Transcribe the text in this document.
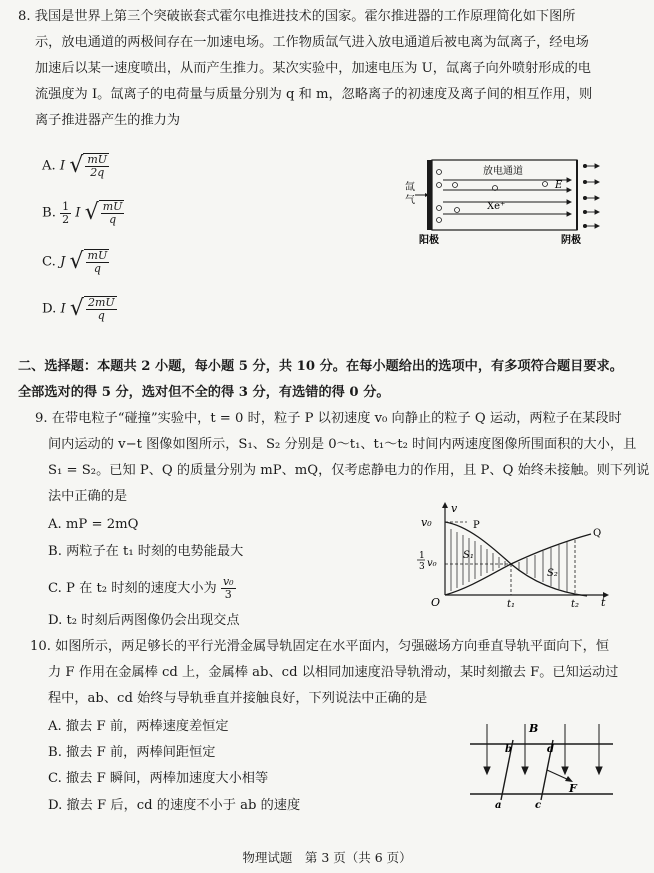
8. 我国是世界上第三个突破嵌套式霍尔电推进技术的国家。霍尔推进器的工作原理简化如下图所
示，放电通道的两极间存在一加速电场。工作物质氙气进入放电通道后被电离为氙离子，经电场
加速后以某一速度喷出，从而产生推力。某次实验中，加速电压为 U，氙离子向外喷射形成的电
流强度为 I。氙离子的电荷量与质量分别为 q 和 m，忽略离子的初速度及离子间的相互作用，则
离子推进器产生的推力为
A. I √ $\frac{mU}{2q}$
B. $\frac{1}{2}$ I √ $\frac{mU}{q}$
C. J √ $\frac{mU}{q}$
D. I √ $\frac{2mU}{q}$
氙
气
放电通道
E
Xe⁺
阳极	阴极
二、选择题：本题共 2 小题，每小题 5 分，共 10 分。在每小题给出的选项中，有多项符合题目要求。
全部选对的得 5 分，选对但不全的得 3 分，有选错的得 0 分。
9. 在带电粒子“碰撞”实验中，t = 0 时，粒子 P 以初速度 v₀ 向静止的粒子 Q 运动，两粒子在某段时
间内运动的 v−t 图像如图所示，S₁、S₂ 分别是 0～t₁、t₁～t₂ 时间内两速度图像所围面积的大小，且
S₁ = S₂。已知 P、Q 的质量分别为 mP、mQ，仅考虑静电力的作用，且 P、Q 始终未接触。则下列说
法中正确的是
A. mP = 2mQ
B. 两粒子在 t₁ 时刻的电势能最大
C. P 在 t₂ 时刻的速度大小为 $\frac{\text{v₀}}{3}$
D. t₂ 时刻后两图像仍会出现交点
v
t
O
v₀
1
3 v₀
P
Q
S₁
S₂
t₁	t₂
10. 如图所示，两足够长的平行光滑金属导轨固定在水平面内，匀强磁场方向垂直导轨平面向下，恒
力 F 作用在金属棒 cd 上，金属棒 ab、cd 以相同加速度沿导轨滑动，某时刻撤去 F。已知运动过
程中，ab、cd 始终与导轨垂直并接触良好，下列说法中正确的是
A. 撤去 F 前，两棒速度差恒定
B. 撤去 F 前，两棒间距恒定
C. 撤去 F 瞬间，两棒加速度大小相等
D. 撤去 F 后，cd 的速度不小于 ab 的速度
B
b
a
d
c
F
物理试题　第 3 页（共 6 页）
